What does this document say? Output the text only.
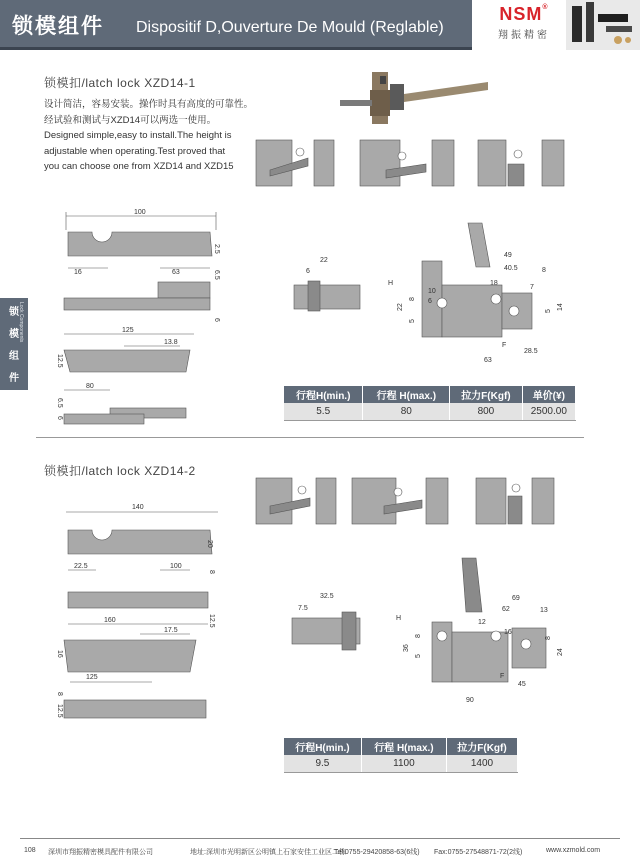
锁模组件 Dispositif D,Ouverture De Mould (Reglable)
NSM®
翔振精密
锁
模
组
件
Lock Components
锁模扣/latch lock XZD14-1

设计简洁，容易安装。操作时具有高度的可靠性。

经试验和测试与XZD14可以两选一使用。

Designed simple,easy to install.The height is

adjustable when operating.Test proved that

you can choose one from XZD14 and XZD15

100
2.5
16	63	6.5
6
125
13.8
12.5
80
6.5
6
22
6
49
40.5	8
H
22
8
5
10
6
18
7
14
5
F
28.5
63
行程H(min.)	行程 H(max.)	拉力F(Kgf)	单价(¥)
5.5	80	800	2500.00
锁模扣/latch lock XZD14-2
140
20
22.5	100
8
12.5
160
17.5
16
125
8
12.5
32.5
7.5
69
62	13
H
36
8
5
12
16
8
24
F
45
90
行程H(min.)	行程 H(max.)	拉力F(Kgf)
9.5	1100	1400
108 深圳市翔振精密模具配件有限公司	地址:深圳市光明新区公明镇上石家安佳工业区二栋
Tel:0755-29420858-63(6线) Fax:0755-27548871-72(2线)	www.xzmold.com
